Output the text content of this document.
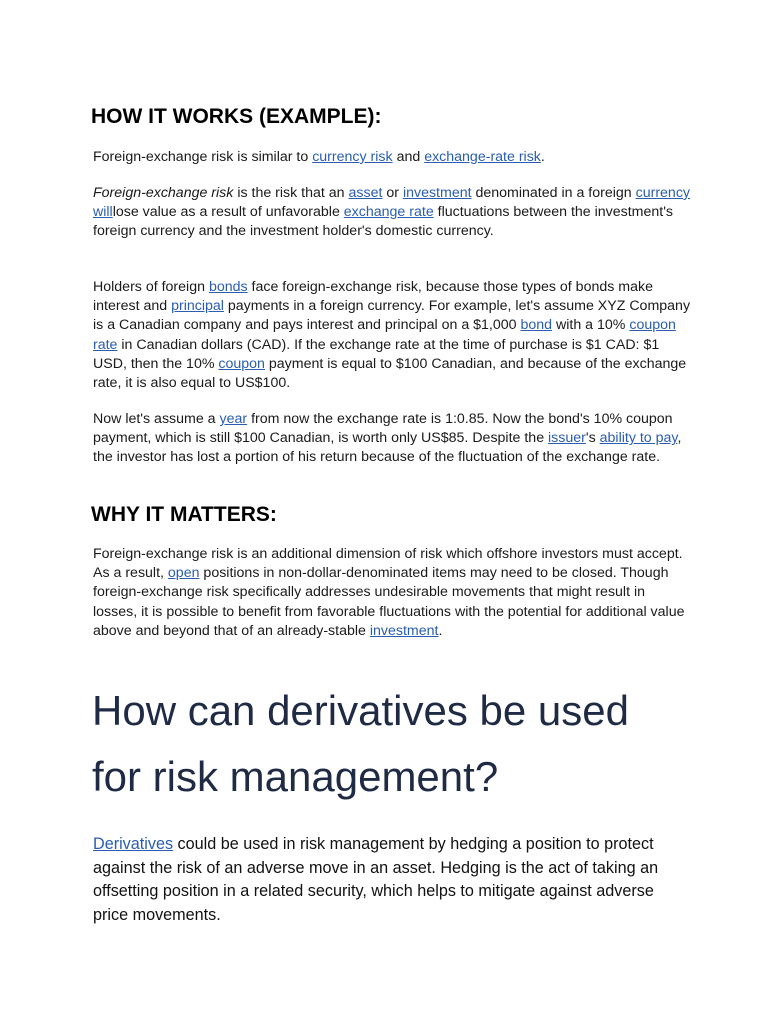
HOW IT WORKS (EXAMPLE):

Foreign-exchange risk is similar to currency risk and exchange-rate risk.

Foreign-exchange risk is the risk that an asset or investment denominated in a foreign currency willlose value as a result of unfavorable exchange rate fluctuations between the investment's foreign currency and the investment holder's domestic currency.

Holders of foreign bonds face foreign-exchange risk, because those types of bonds make interest and principal payments in a foreign currency. For example, let's assume XYZ Company is a Canadian company and pays interest and principal on a $1,000 bond with a 10% coupon rate in Canadian dollars (CAD). If the exchange rate at the time of purchase is $1 CAD: $1 USD, then the 10% coupon payment is equal to $100 Canadian, and because of the exchange rate, it is also equal to US$100.

Now let's assume a year from now the exchange rate is 1:0.85. Now the bond's 10% coupon payment, which is still $100 Canadian, is worth only US$85. Despite the issuer's ability to pay, the investor has lost a portion of his return because of the fluctuation of the exchange rate.

WHY IT MATTERS:

Foreign-exchange risk is an additional dimension of risk which offshore investors must accept. As a result, open positions in non-dollar-denominated items may need to be closed. Though foreign-exchange risk specifically addresses undesirable movements that might result in losses, it is possible to benefit from favorable fluctuations with the potential for additional value above and beyond that of an already-stable investment.

How can derivatives be used
for risk management?

Derivatives could be used in risk management by hedging a position to protect against the risk of an adverse move in an asset. Hedging is the act of taking an offsetting position in a related security, which helps to mitigate against adverse price movements.
